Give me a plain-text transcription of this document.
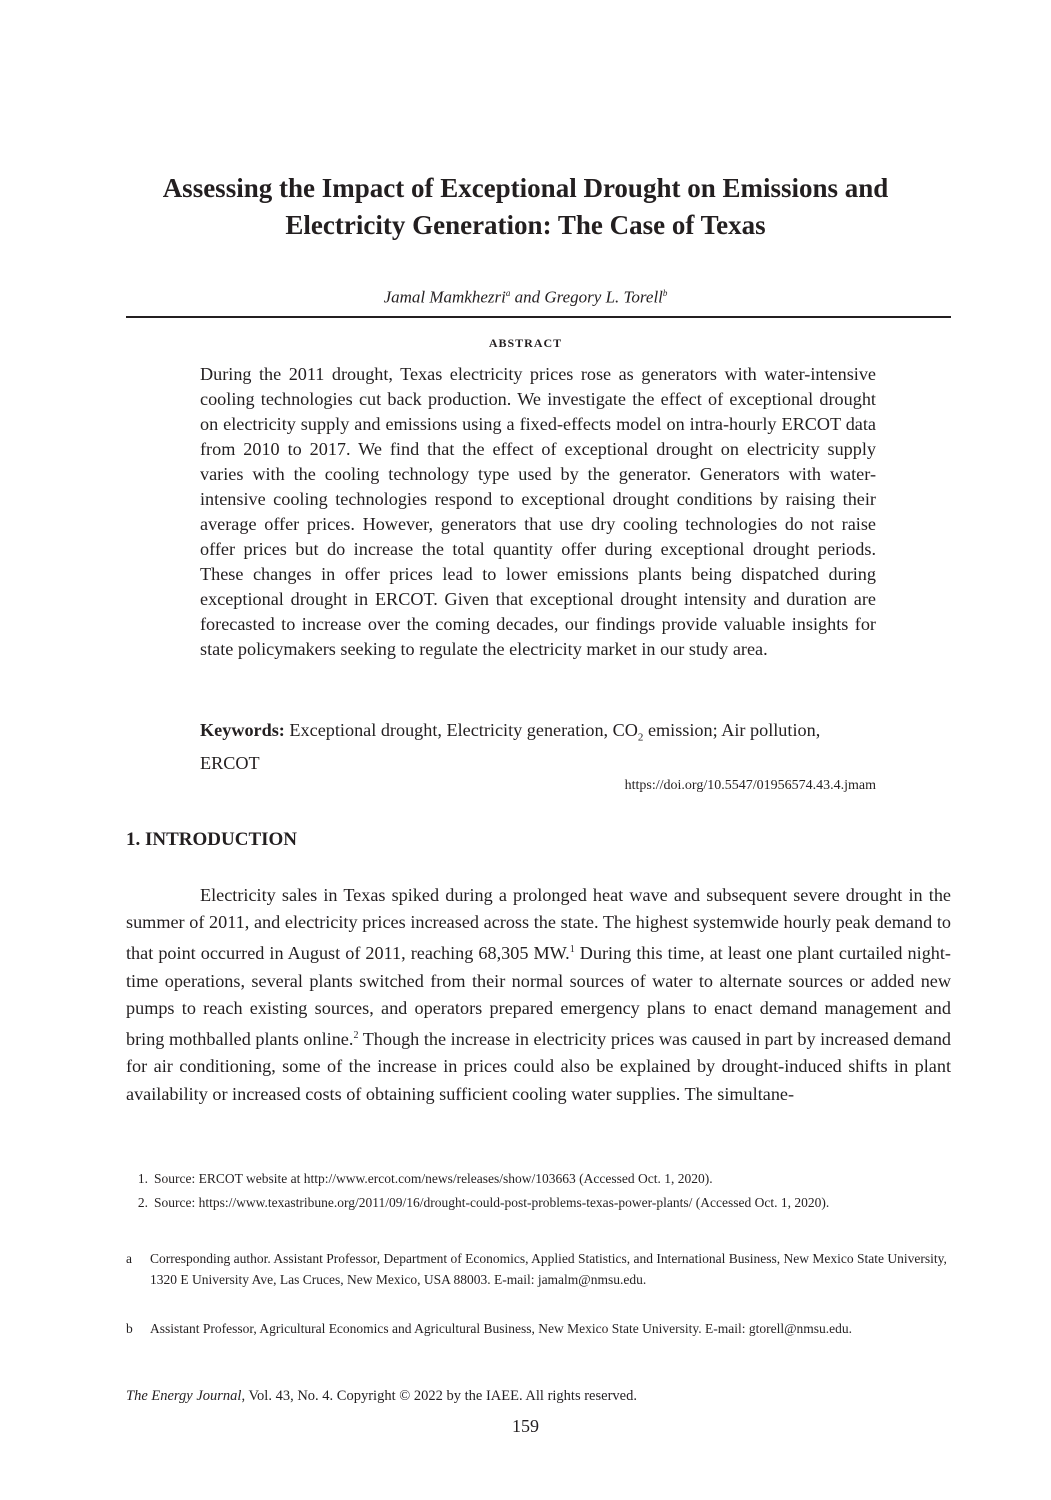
Assessing the Impact of Exceptional Drought on Emissions and
Electricity Generation: The Case of Texas
Jamal Mamkhezri$^a$ and Gregory L. Torell$^b$
ABSTRACT

During the 2011 drought, Texas electricity prices rose as generators with water-intensive cooling technologies cut back production. We investigate the effect of exceptional drought on electricity supply and emissions using a fixed-effects model on intra-hourly ERCOT data from 2010 to 2017. We find that the effect of exceptional drought on electricity supply varies with the cooling technology type used by the generator. Generators with water-intensive cooling technologies respond to exceptional drought conditions by raising their average offer prices. However, generators that use dry cooling technologies do not raise offer prices but do increase the total quantity offer during exceptional drought periods. These changes in offer prices lead to lower emissions plants being dispatched during exceptional drought in ERCOT. Given that exceptional drought intensity and duration are forecasted to increase over the coming decades, our findings provide valuable insights for state policymakers seeking to regulate the electricity market in our study area.

Keywords: Exceptional drought, Electricity generation, $CO_2$ emission; Air pollution, ERCOT

https://doi.org/10.5547/01956574.43.4.jmam
1. INTRODUCTION

Electricity sales in Texas spiked during a prolonged heat wave and subsequent severe drought in the summer of 2011, and electricity prices increased across the state. The highest systemwide hourly peak demand to that point occurred in August of 2011, reaching 68,305 MW.$^1$ During this time, at least one plant curtailed night-time operations, several plants switched from their normal sources of water to alternate sources or added new pumps to reach existing sources, and operators prepared emergency plans to enact demand management and bring mothballed plants online.$^2$ Though the increase in electricity prices was caused in part by increased demand for air conditioning, some of the increase in prices could also be explained by drought-induced shifts in plant availability or increased costs of obtaining sufficient cooling water supplies. The simultane-

1. Source: ERCOT website at http://www.ercot.com/news/releases/show/103663 (Accessed Oct. 1, 2020).

2. Source: https://www.texastribune.org/2011/09/16/drought-could-post-problems-texas-power-plants/ (Accessed Oct. 1, 2020).

a Corresponding author. Assistant Professor, Department of Economics, Applied Statistics, and International Business, New Mexico State University, 1320 E University Ave, Las Cruces, New Mexico, USA 88003. E-mail: jamalm@nmsu.edu.
b Assistant Professor, Agricultural Economics and Agricultural Business, New Mexico State University. E-mail: gtorell@nmsu.edu.
The Energy Journal, Vol. 43, No. 4. Copyright © 2022 by the IAEE. All rights reserved.
159
